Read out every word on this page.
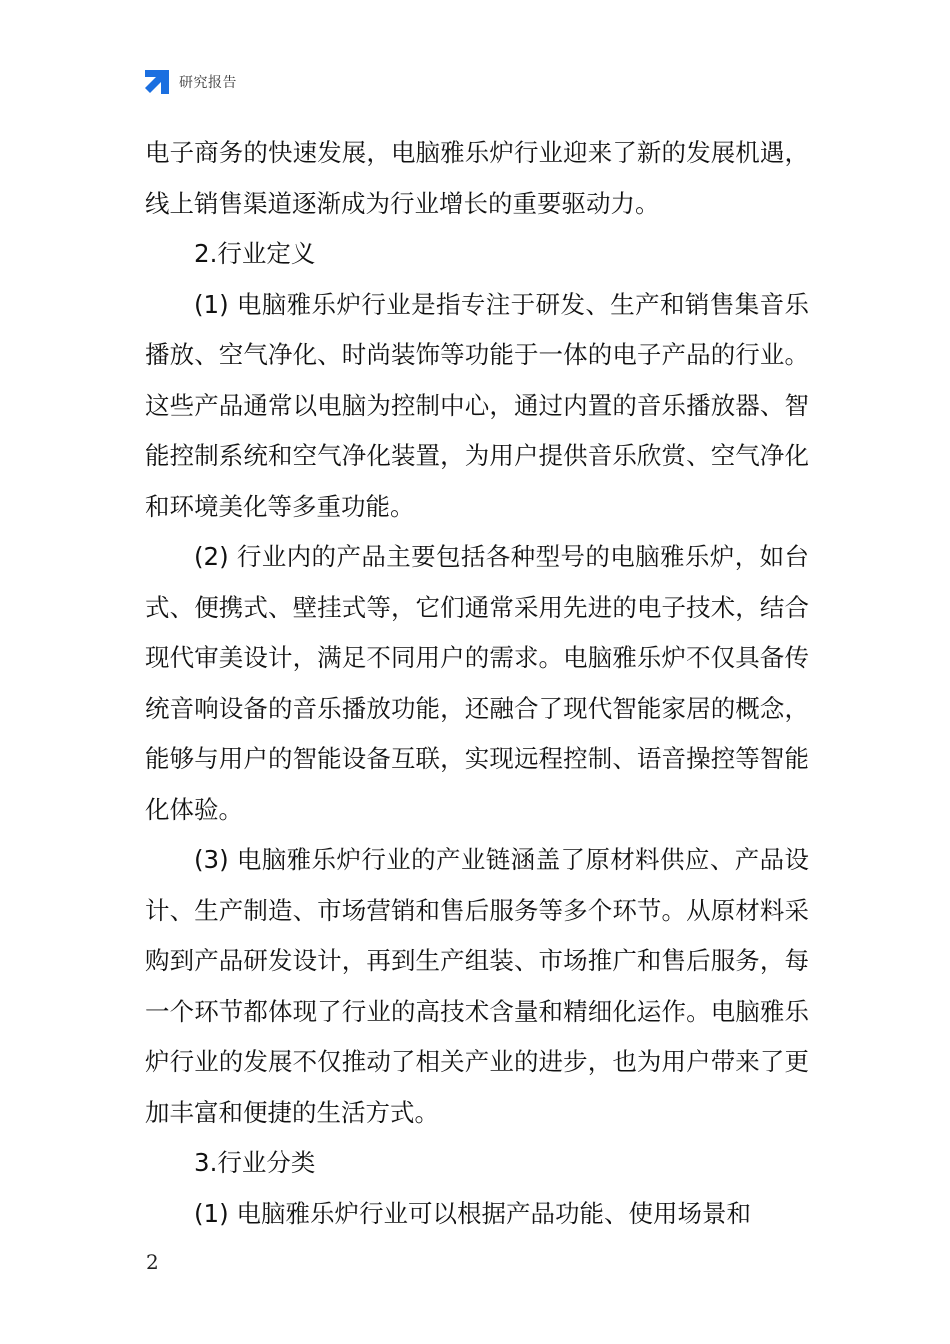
研究报告

电子商务的快速发展，电脑雅乐炉行业迎来了新的发展机遇，线上销售渠道逐渐成为行业增长的重要驱动力。

2.行业定义

(1) 电脑雅乐炉行业是指专注于研发、生产和销售集音乐播放、空气净化、时尚装饰等功能于一体的电子产品的行业。这些产品通常以电脑为控制中心，通过内置的音乐播放器、智能控制系统和空气净化装置，为用户提供音乐欣赏、空气净化和环境美化等多重功能。

(2) 行业内的产品主要包括各种型号的电脑雅乐炉，如台式、便携式、壁挂式等，它们通常采用先进的电子技术，结合现代审美设计，满足不同用户的需求。电脑雅乐炉不仅具备传统音响设备的音乐播放功能，还融合了现代智能家居的概念，能够与用户的智能设备互联，实现远程控制、语音操控等智能化体验。

(3) 电脑雅乐炉行业的产业链涵盖了原材料供应、产品设计、生产制造、市场营销和售后服务等多个环节。从原材料采购到产品研发设计，再到生产组装、市场推广和售后服务，每一个环节都体现了行业的高技术含量和精细化运作。电脑雅乐炉行业的发展不仅推动了相关产业的进步，也为用户带来了更加丰富和便捷的生活方式。

3.行业分类

(1) 电脑雅乐炉行业可以根据产品功能、使用场景和

2
